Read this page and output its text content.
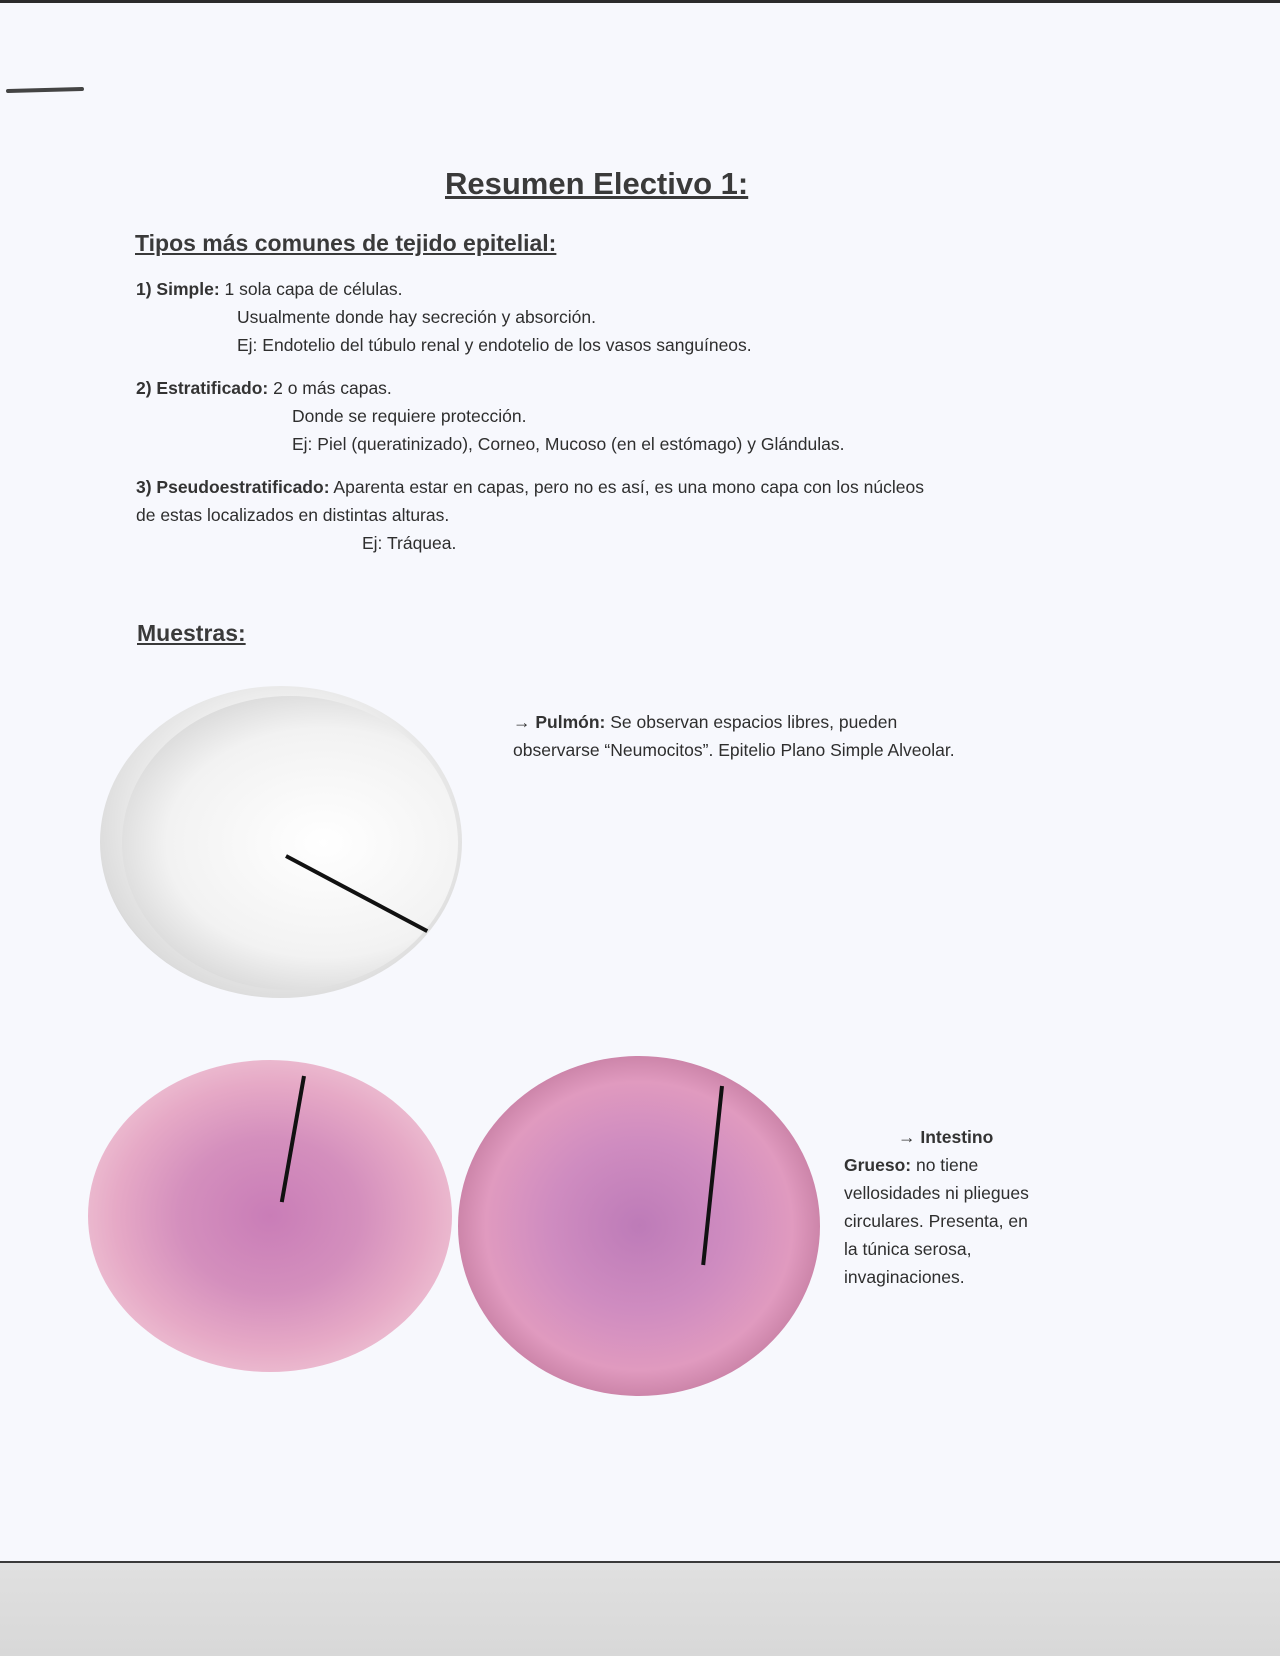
Resumen Electivo 1:
Tipos más comunes de tejido epitelial:
1) Simple: 1 sola capa de células.
Usualmente donde hay secreción y absorción.
Ej: Endotelio del túbulo renal y endotelio de los vasos sanguíneos.
2) Estratificado: 2 o más capas.
Donde se requiere protección.
Ej: Piel (queratinizado), Corneo, Mucoso (en el estómago) y Glándulas.
3) Pseudoestratificado: Aparenta estar en capas, pero no es así, es una mono capa con los núcleos
de estas localizados en distintas alturas.
Ej: Tráquea.
Muestras:
→ Pulmón: Se observan espacios libres, pueden
observarse “Neumocitos”. Epitelio Plano Simple Alveolar.
→ Intestino
Grueso: no tiene
vellosidades ni pliegues
circulares. Presenta, en
la túnica serosa,
invaginaciones.
